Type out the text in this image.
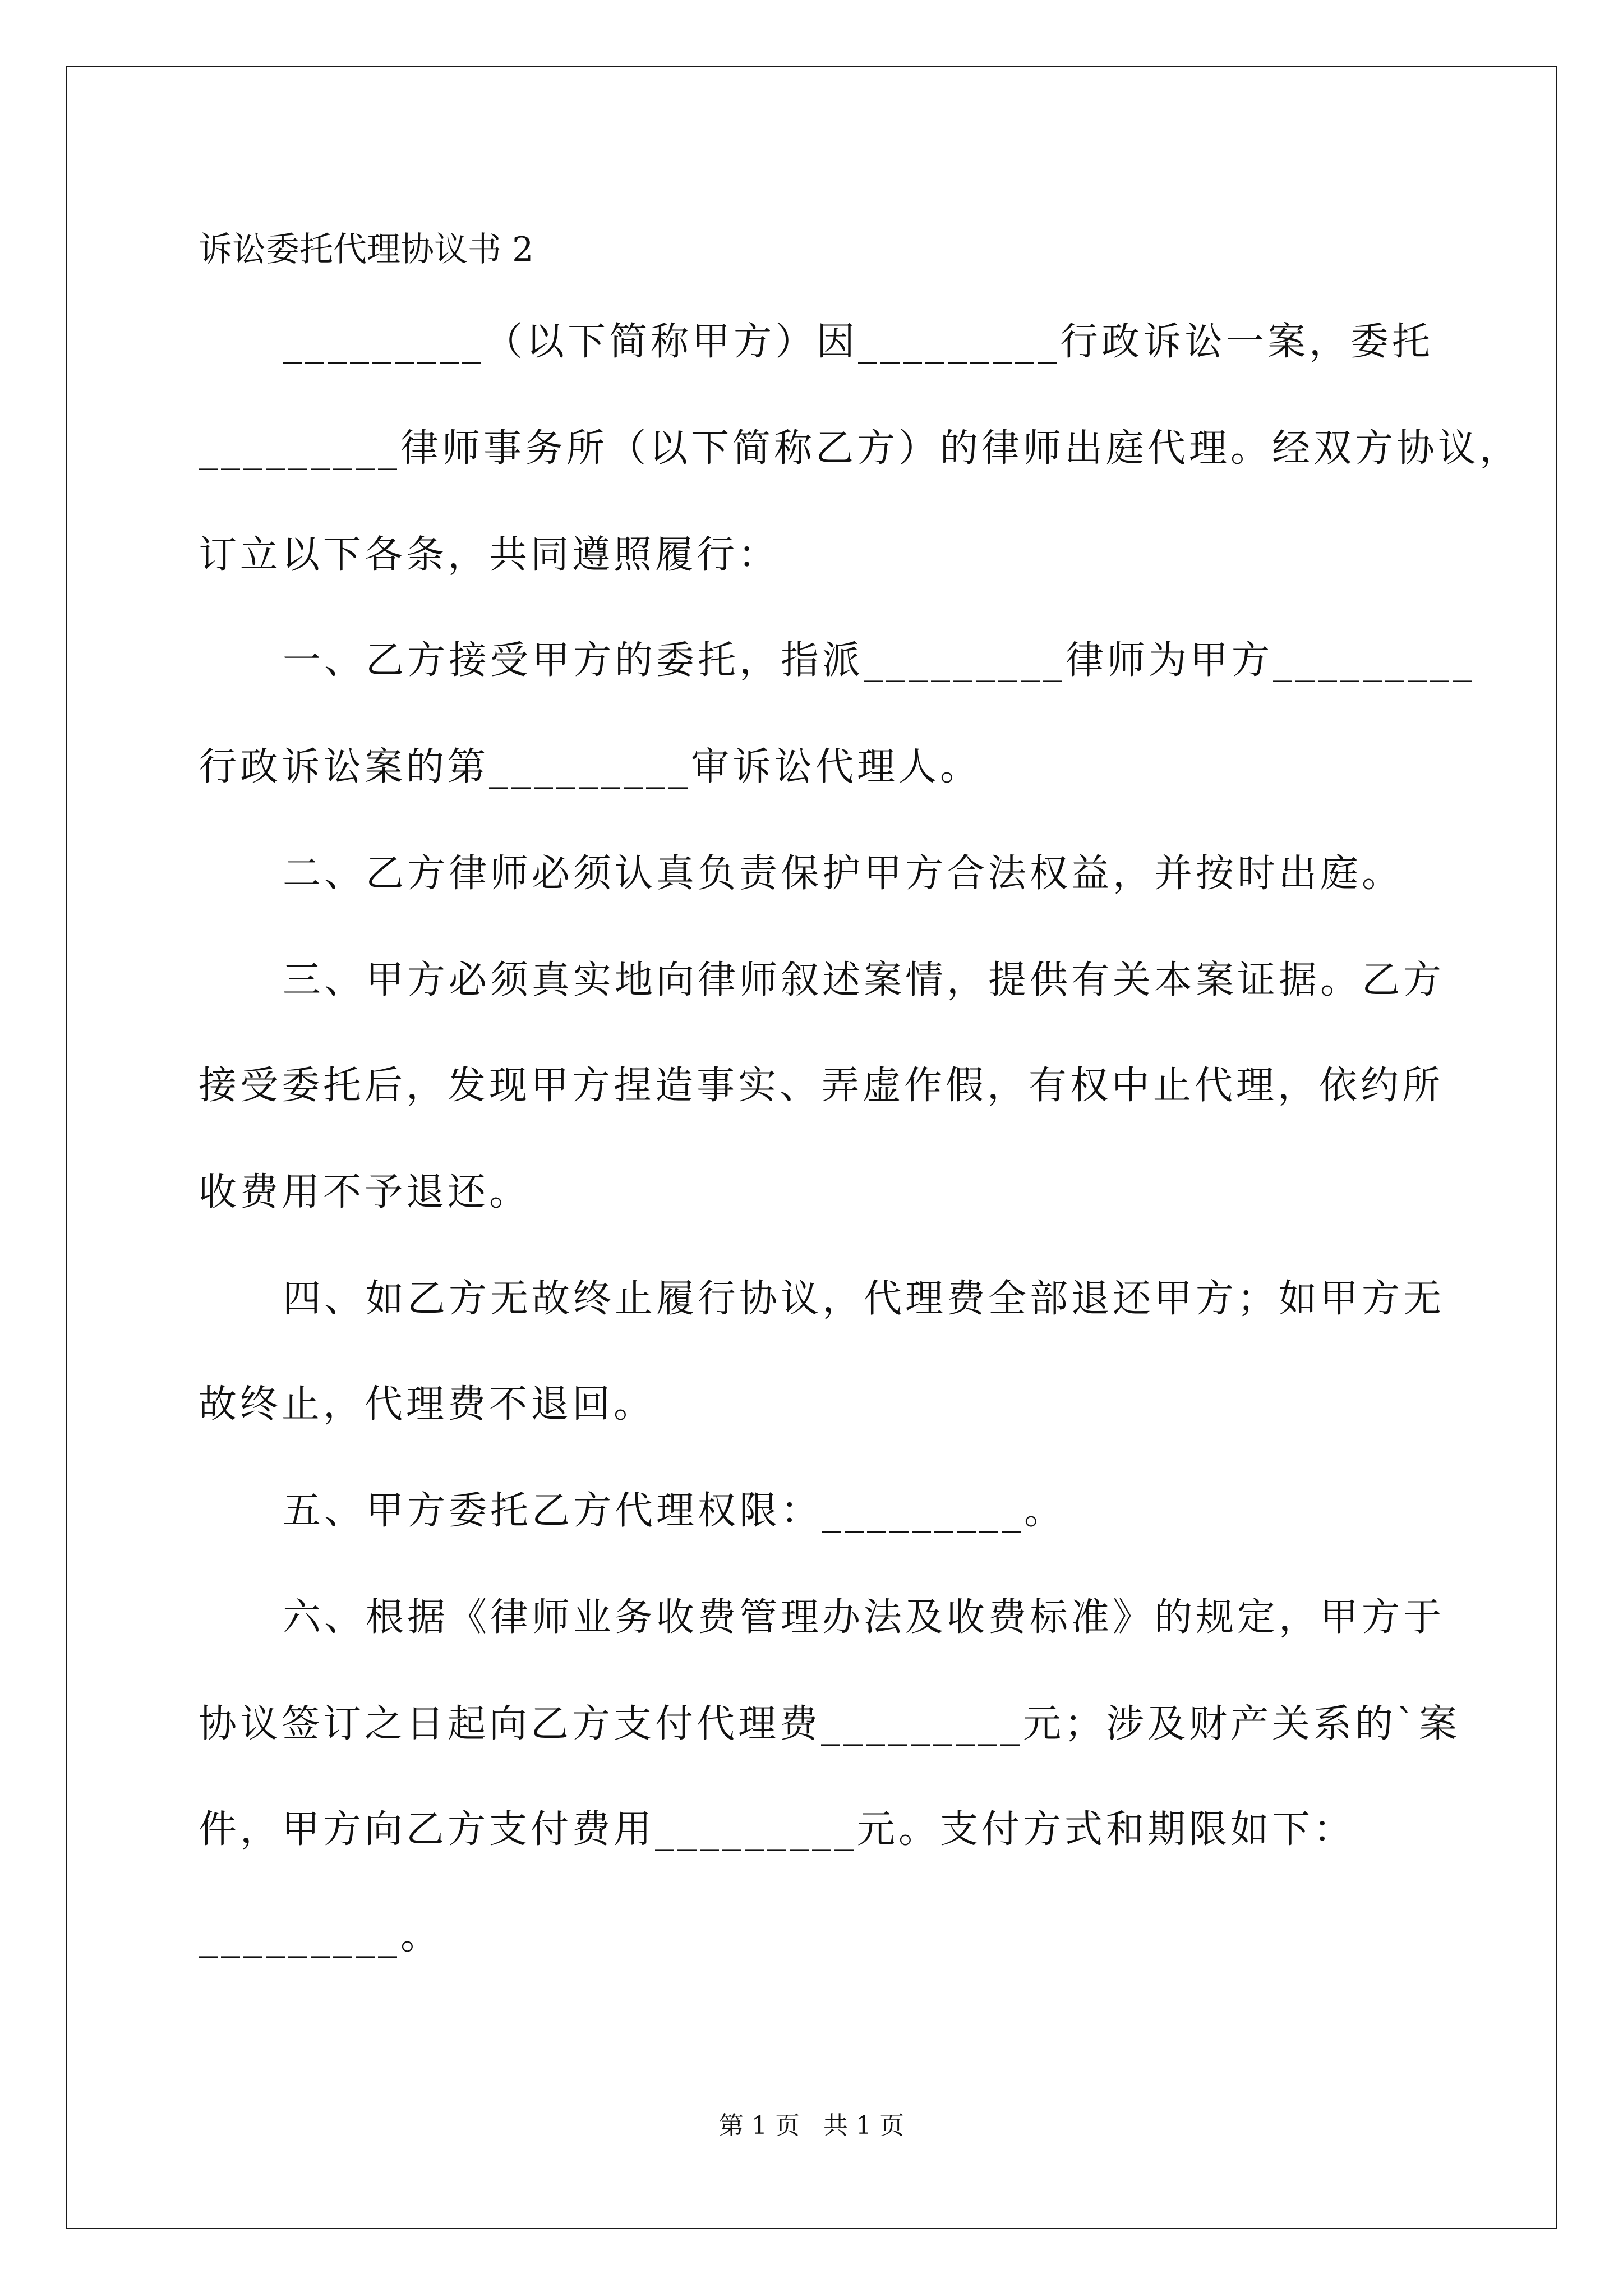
诉讼委托代理协议书 2
_________（以下简称甲方）因_________行政诉讼一案，委托
_________律师事务所（以下简称乙方）的律师出庭代理。经双方协议，
订立以下各条，共同遵照履行：
一、乙方接受甲方的委托，指派_________律师为甲方_________
行政诉讼案的第_________审诉讼代理人。
二、乙方律师必须认真负责保护甲方合法权益，并按时出庭。
三、甲方必须真实地向律师叙述案情，提供有关本案证据。乙方
接受委托后，发现甲方捏造事实、弄虚作假，有权中止代理，依约所
收费用不予退还。
四、如乙方无故终止履行协议，代理费全部退还甲方；如甲方无
故终止，代理费不退回。
五、甲方委托乙方代理权限：_________。
六、根据《律师业务收费管理办法及收费标准》的规定，甲方于
协议签订之日起向乙方支付代理费_________元；涉及财产关系的`案
件，甲方向乙方支付费用_________元。支付方式和期限如下：
_________。
第 1 页   共 1 页
